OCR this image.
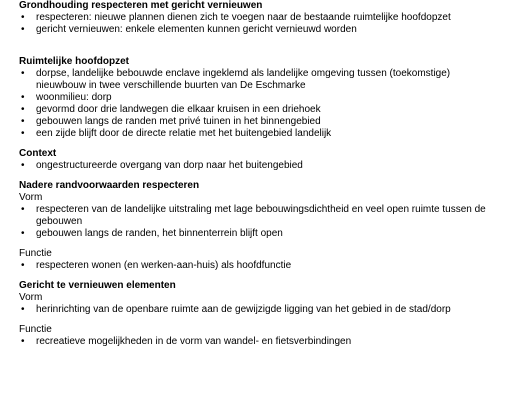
Grondhouding respecteren met gericht vernieuwen
• respecteren: nieuwe plannen dienen zich te voegen naar de bestaande ruimtelijke hoofdopzet
• gericht vernieuwen: enkele elementen kunnen gericht vernieuwd worden
Ruimtelijke hoofdopzet
• dorpse, landelijke bebouwde enclave ingeklemd als landelijke omgeving tussen (toekomstige) nieuwbouw in twee verschillende buurten van De Eschmarke
• woonmilieu: dorp
• gevormd door drie landwegen die elkaar kruisen in een driehoek
• gebouwen langs de randen met privé tuinen in het binnengebied
• een zijde blijft door de directe relatie met het buitengebied landelijk
Context
• ongestructureerde overgang van dorp naar het buitengebied
Nadere randvoorwaarden respecteren
Vorm
• respecteren van de landelijke uitstraling met lage bebouwingsdichtheid en veel open ruimte tussen de gebouwen
• gebouwen langs de randen, het binnenterrein blijft open
Functie
• respecteren wonen (en werken-aan-huis) als hoofdfunctie
Gericht te vernieuwen elementen
Vorm
• herinrichting van de openbare ruimte aan de gewijzigde ligging van het gebied in de stad/dorp
Functie
• recreatieve mogelijkheden in de vorm van wandel- en fietsverbindingen
